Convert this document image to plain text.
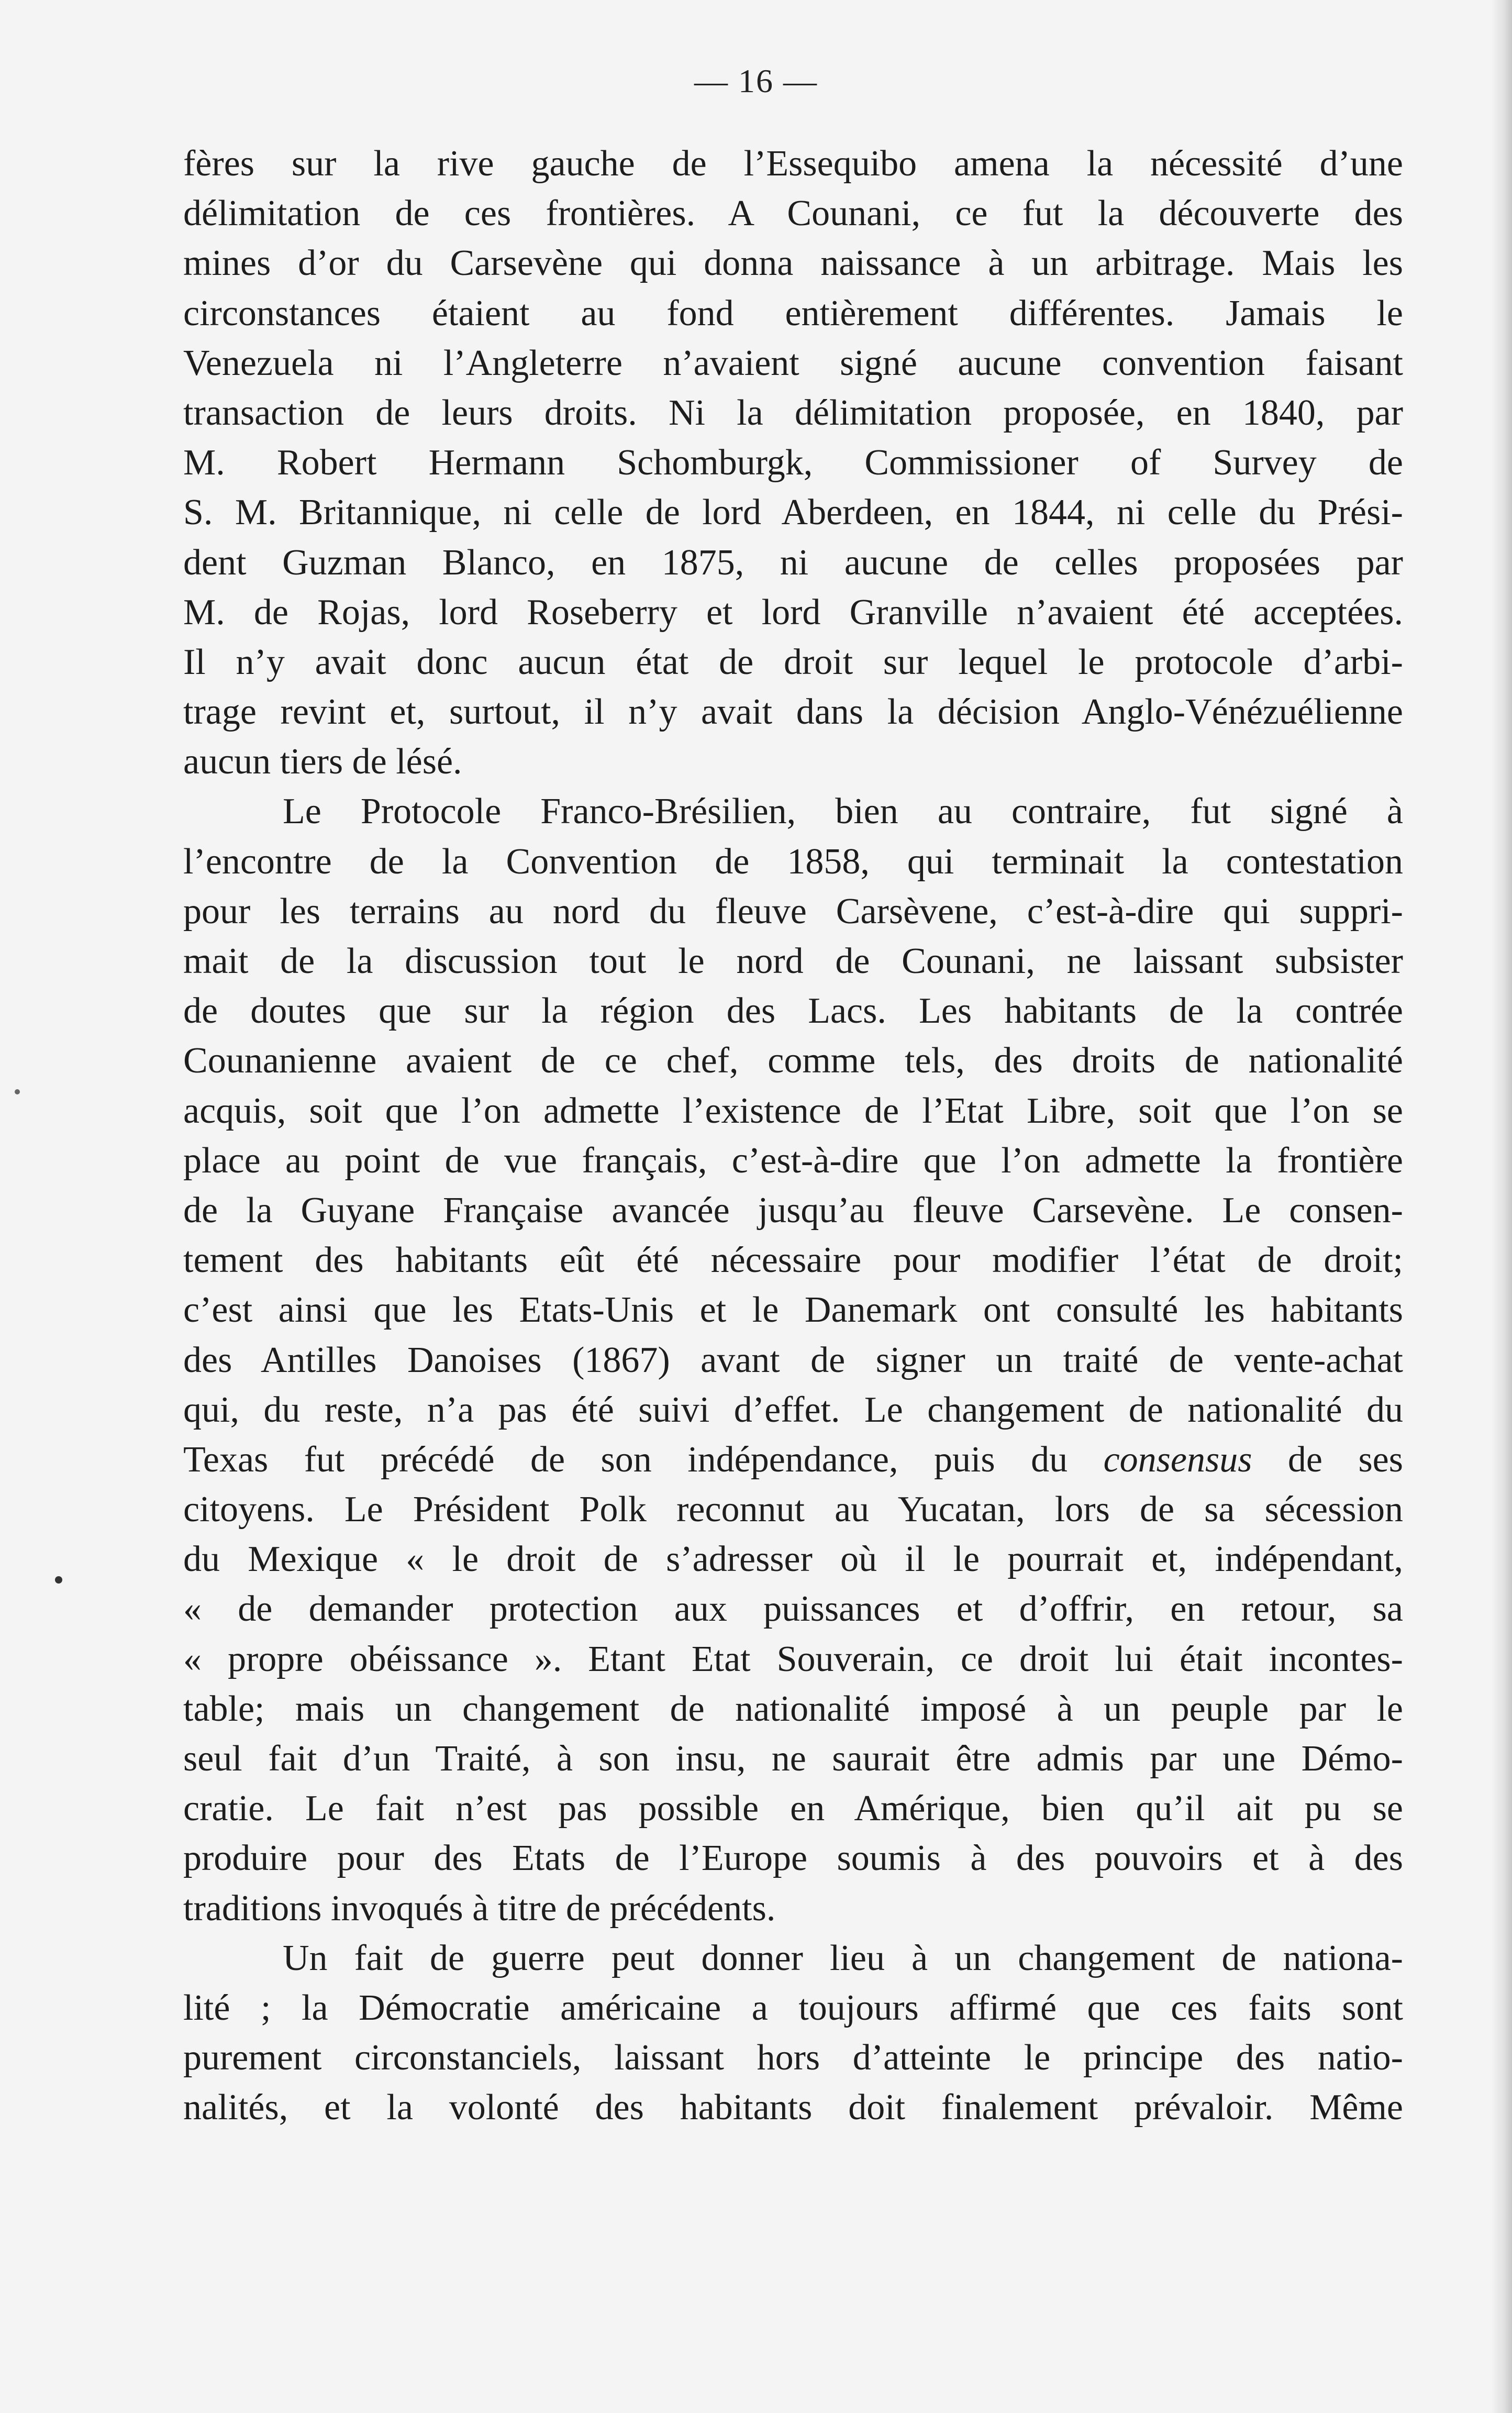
— 16 —
fères sur la rive gauche de l’Essequibo amena la nécessité d’une
délimitation de ces frontières. A Counani, ce fut la découverte des
mines d’or du Carsevène qui donna naissance à un arbitrage. Mais les
circonstances étaient au fond entièrement différentes. Jamais le
Venezuela ni l’Angleterre n’avaient signé aucune convention faisant
transaction de leurs droits. Ni la délimitation proposée, en 1840, par
M. Robert Hermann Schomburgk, Commissioner of Survey de
S. M. Britannique, ni celle de lord Aberdeen, en 1844, ni celle du Prési-
dent Guzman Blanco, en 1875, ni aucune de celles proposées par
M. de Rojas, lord Roseberry et lord Granville n’avaient été acceptées.
Il n’y avait donc aucun état de droit sur lequel le protocole d’arbi-
trage revint et, surtout, il n’y avait dans la décision Anglo-Vénézuélienne
aucun tiers de lésé.
Le Protocole Franco-Brésilien, bien au contraire, fut signé à
l’encontre de la Convention de 1858, qui terminait la contestation
pour les terrains au nord du fleuve Carsèvene, c’est-à-dire qui suppri-
mait de la discussion tout le nord de Counani, ne laissant subsister
de doutes que sur la région des Lacs. Les habitants de la contrée
Counanienne avaient de ce chef, comme tels, des droits de nationalité
acquis, soit que l’on admette l’existence de l’Etat Libre, soit que l’on se
place au point de vue français, c’est-à-dire que l’on admette la frontière
de la Guyane Française avancée jusqu’au fleuve Carsevène. Le consen-
tement des habitants eût été nécessaire pour modifier l’état de droit;
c’est ainsi que les Etats-Unis et le Danemark ont consulté les habitants
des Antilles Danoises (1867) avant de signer un traité de vente-achat
qui, du reste, n’a pas été suivi d’effet. Le changement de nationalité du
Texas fut précédé de son indépendance, puis du consensus de ses
citoyens. Le Président Polk reconnut au Yucatan, lors de sa sécession
du Mexique « le droit de s’adresser où il le pourrait et, indépendant,
« de demander protection aux puissances et d’offrir, en retour, sa
« propre obéissance ». Etant Etat Souverain, ce droit lui était incontes-
table; mais un changement de nationalité imposé à un peuple par le
seul fait d’un Traité, à son insu, ne saurait être admis par une Démo-
cratie. Le fait n’est pas possible en Amérique, bien qu’il ait pu se
produire pour des Etats de l’Europe soumis à des pouvoirs et à des
traditions invoqués à titre de précédents.
Un fait de guerre peut donner lieu à un changement de nationa-
lité ; la Démocratie américaine a toujours affirmé que ces faits sont
purement circonstanciels, laissant hors d’atteinte le principe des natio-
nalités, et la volonté des habitants doit finalement prévaloir. Même
